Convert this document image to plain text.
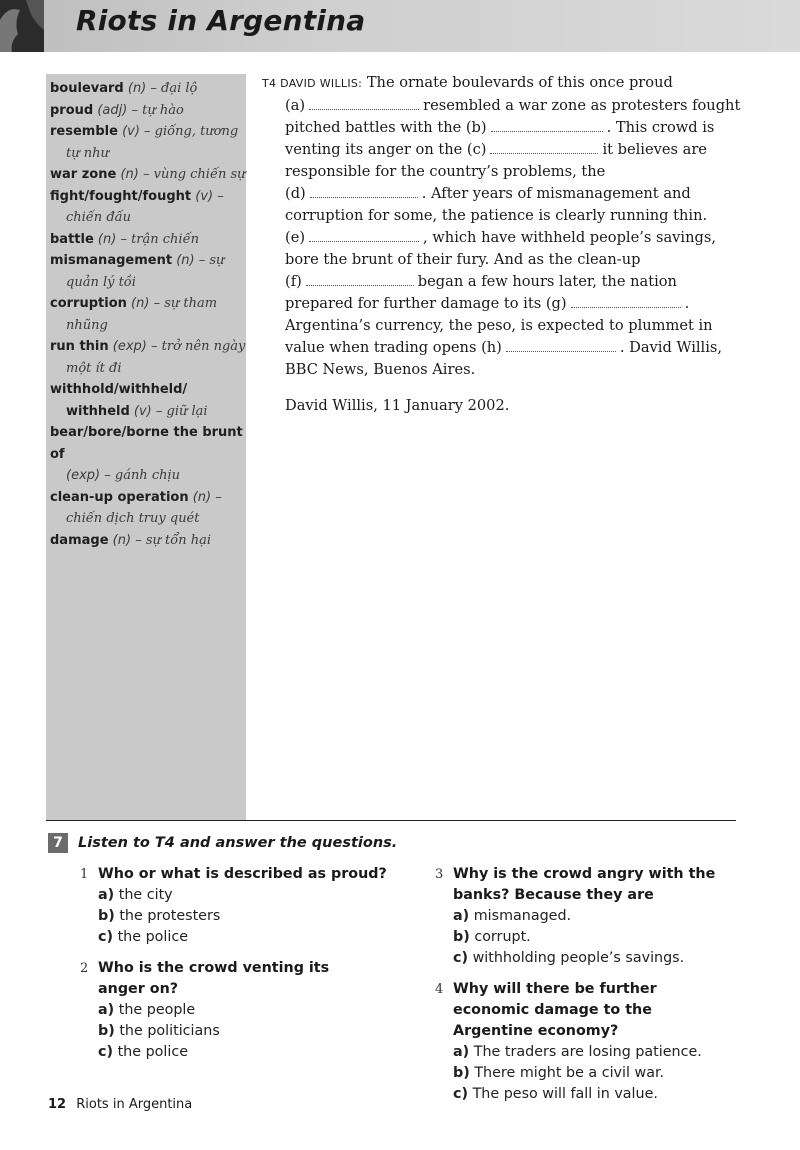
Riots in Argentina
boulevard (n) – đại lộ
proud (adj) – tự hào
resemble (v) – giống, tương
tự như
war zone (n) – vùng chiến sự
fight/fought/fought (v) –
chiến đấu
battle (n) – trận chiến
mismanagement (n) – sự
quản lý tồi
corruption (n) – sự tham
nhũng
run thin (exp) – trở nên ngày
một ít đi
withhold/withheld/
withheld (v) – giữ lại
bear/bore/borne the brunt of
(exp) – gánh chịu
clean-up operation (n) –
chiến dịch truy quét
damage (n) – sự tổn hại
T4 DAVID WILLIS: The ornate boulevards of this once proud
(a)	resembled a war zone as protesters fought
pitched battles with the (b)	. This crowd is
venting its anger on the (c)	it believes are
responsible for the country’s problems, the
(d)	. After years of mismanagement and
corruption for some, the patience is clearly running thin.
(e)	, which have withheld people’s savings,
bore the brunt of their fury. And as the clean-up
(f)	began a few hours later, the nation
prepared for further damage to its (g)	.
Argentina’s currency, the peso, is expected to plummet in
value when trading opens (h)	. David Willis,
BBC News, Buenos Aires.
David Willis, 11 January 2002.
7	Listen to T4 and answer the questions.
1 Who or what is described as proud?
a) the city
b) the protesters
c) the police
2 Who is the crowd venting its anger on?
a) the people
b) the politicians
c) the police
3 Why is the crowd angry with the banks? Because they are
a) mismanaged.
b) corrupt.
c) withholding people’s savings.
4 Why will there be further economic damage to the Argentine economy?
a) The traders are losing patience.
b) There might be a civil war.
c) The peso will fall in value.
12 Riots in Argentina
